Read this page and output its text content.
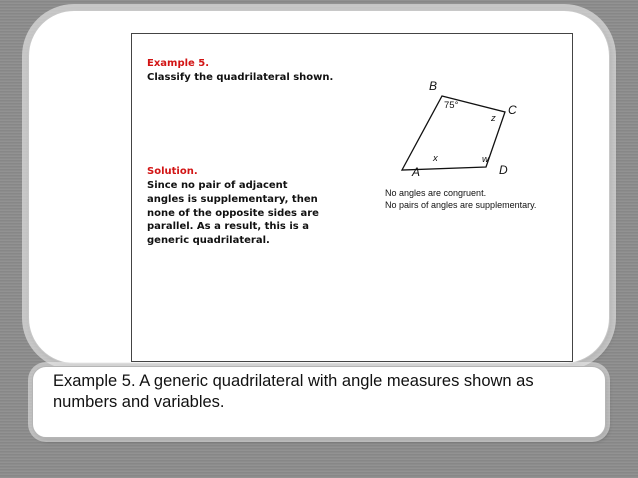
Example 5.
Classify the quadrilateral shown.
B
C
A	D
75°
z
x	w
No angles are congruent.
No pairs of angles are supplementary.
Solution.
Since no pair of adjacent angles is supplementary, then none of the opposite sides are parallel. As a result, this is a generic quadrilateral.
Example 5. A generic quadrilateral with angle measures shown as numbers and variables.
